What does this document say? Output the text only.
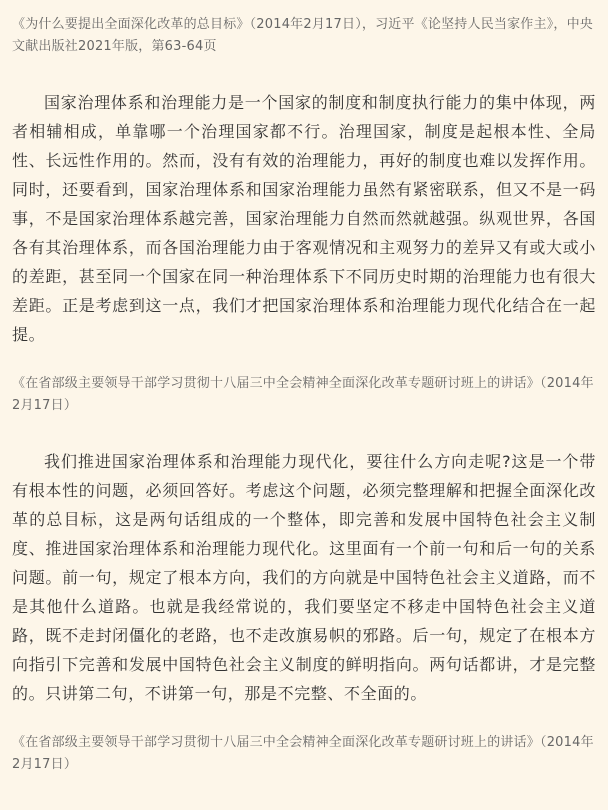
《为什么要提出全面深化改革的总目标》（2014年2月17日），习近平《论坚持人民当家作主》，中央文献出版社2021年版，第63-64页

国家治理体系和治理能力是一个国家的制度和制度执行能力的集中体现，两者相辅相成，单靠哪一个治理国家都不行。治理国家，制度是起根本性、全局性、长远性作用的。然而，没有有效的治理能力，再好的制度也难以发挥作用。同时，还要看到，国家治理体系和国家治理能力虽然有紧密联系，但又不是一码事，不是国家治理体系越完善，国家治理能力自然而然就越强。纵观世界，各国各有其治理体系，而各国治理能力由于客观情况和主观努力的差异又有或大或小的差距，甚至同一个国家在同一种治理体系下不同历史时期的治理能力也有很大差距。正是考虑到这一点，我们才把国家治理体系和治理能力现代化结合在一起提。

《在省部级主要领导干部学习贯彻十八届三中全会精神全面深化改革专题研讨班上的讲话》（2014年2月17日）

我们推进国家治理体系和治理能力现代化，要往什么方向走呢?这是一个带有根本性的问题，必须回答好。考虑这个问题，必须完整理解和把握全面深化改革的总目标，这是两句话组成的一个整体，即完善和发展中国特色社会主义制度、推进国家治理体系和治理能力现代化。这里面有一个前一句和后一句的关系问题。前一句，规定了根本方向，我们的方向就是中国特色社会主义道路，而不是其他什么道路。也就是我经常说的，我们要坚定不移走中国特色社会主义道路，既不走封闭僵化的老路，也不走改旗易帜的邪路。后一句，规定了在根本方向指引下完善和发展中国特色社会主义制度的鲜明指向。两句话都讲，才是完整的。只讲第二句，不讲第一句，那是不完整、不全面的。

《在省部级主要领导干部学习贯彻十八届三中全会精神全面深化改革专题研讨班上的讲话》（2014年2月17日）
